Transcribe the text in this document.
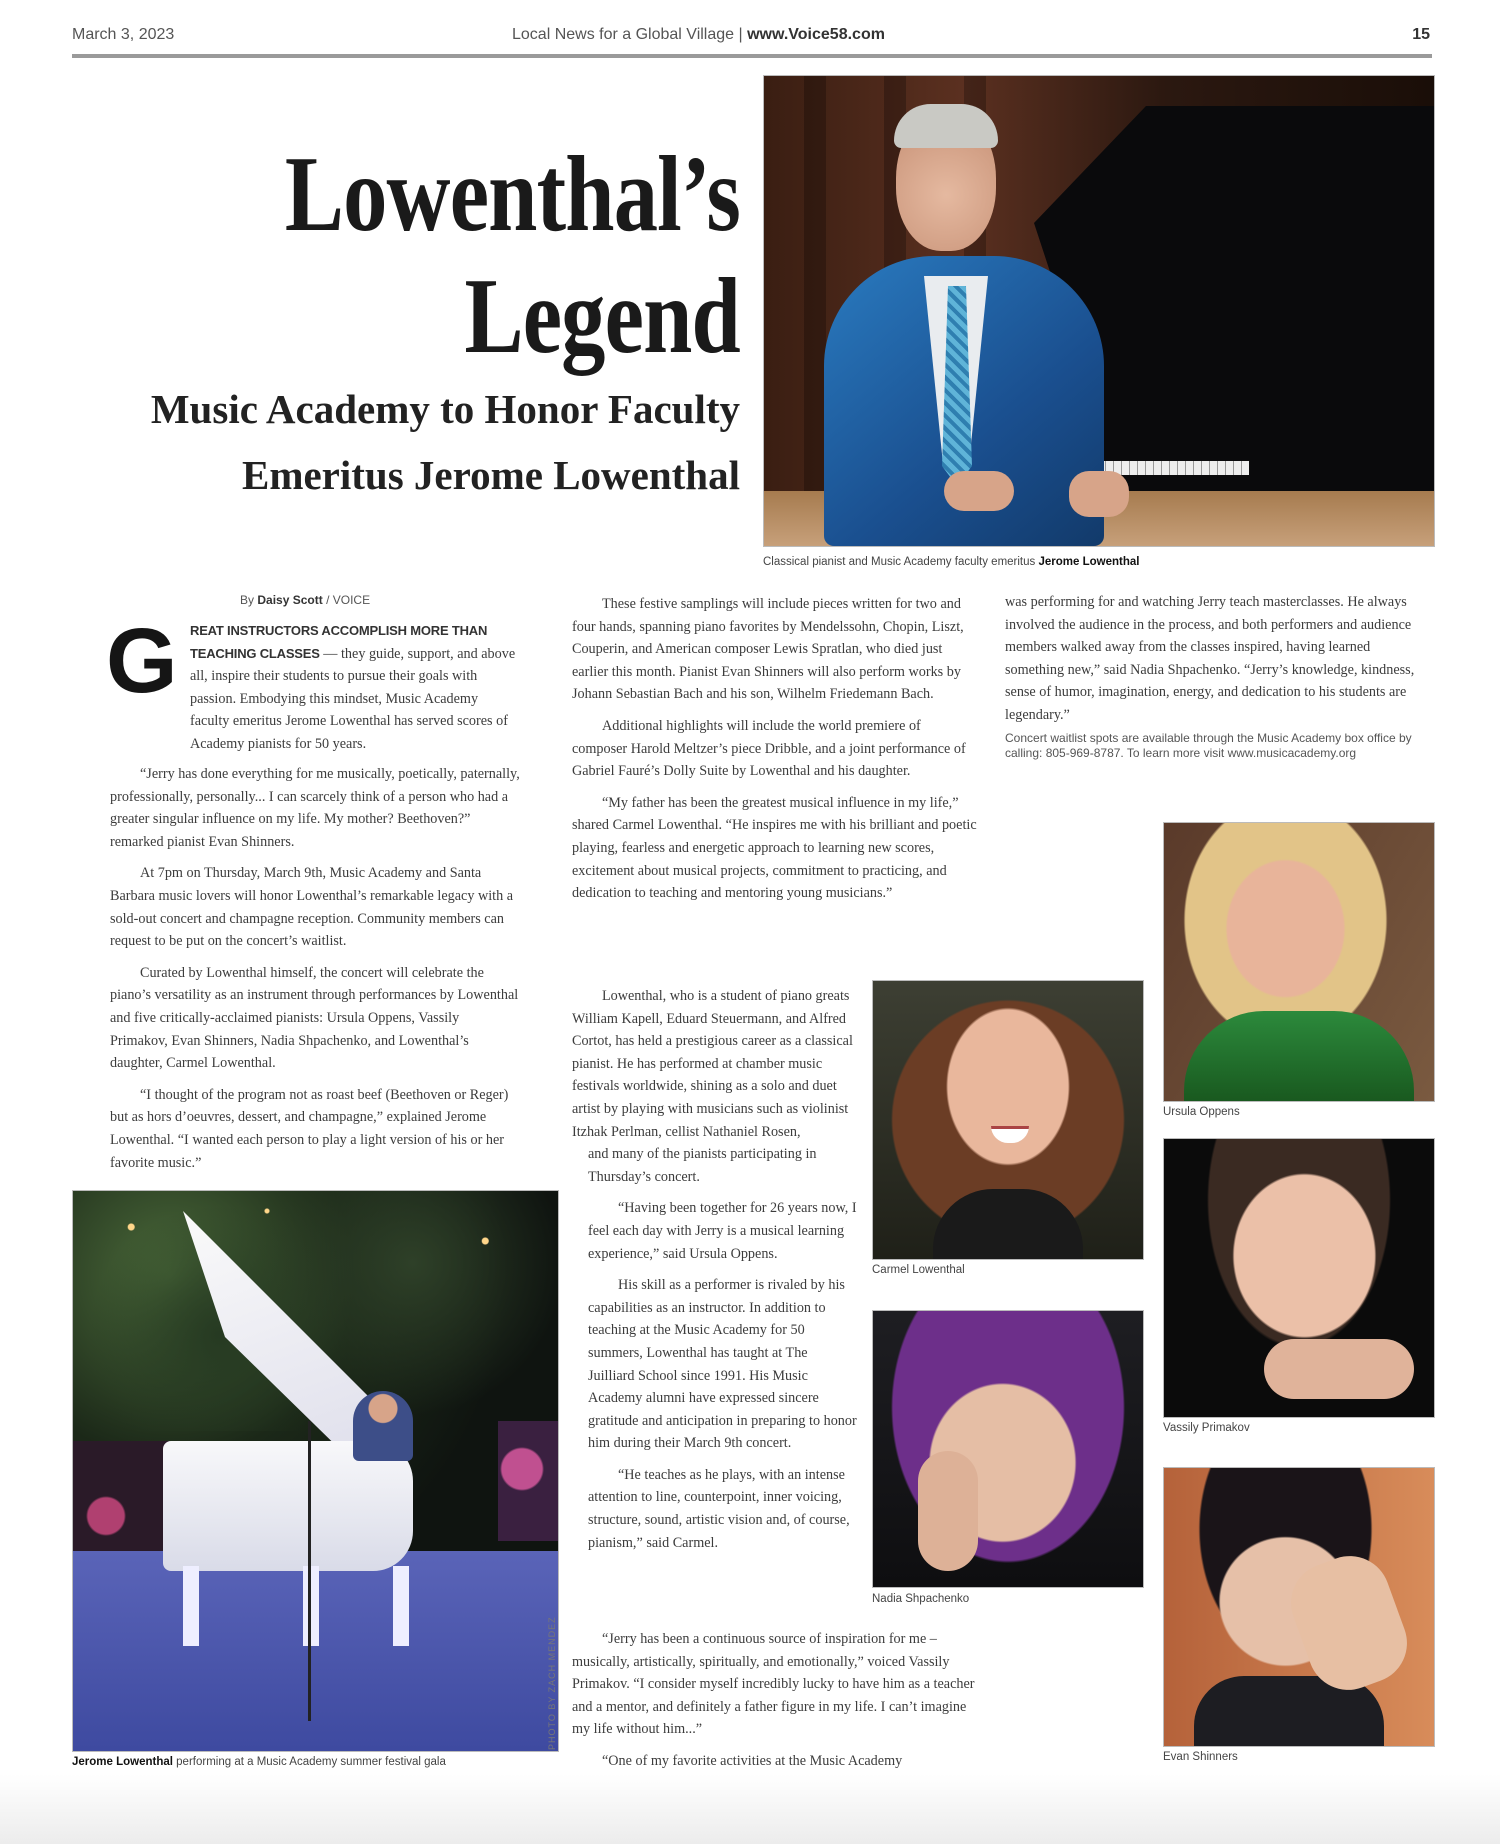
March 3, 2023	Local News for a Global Village | www.Voice58.com	15
Lowenthal’s
Legend
Music Academy to Honor Faculty
Emeritus Jerome Lowenthal
Classical pianist and Music Academy faculty emeritus Jerome Lowenthal
By Daisy Scott / VOICE
G REAT INSTRUCTORS ACCOMPLISH MORE THAN TEACHING CLASSES — they guide, support, and above all, inspire their students to pursue their goals with passion. Embodying this mindset, Music Academy faculty emeritus Jerome Lowenthal has served scores of Academy pianists for 50 years.

“Jerry has done everything for me musically, poetically, paternally, professionally, personally... I can scarcely think of a person who had a greater singular influence on my life. My mother? Beethoven?” remarked pianist Evan Shinners.

At 7pm on Thursday, March 9th, Music Academy and Santa Barbara music lovers will honor Lowenthal’s remarkable legacy with a sold-out concert and champagne reception. Community members can request to be put on the concert’s waitlist.

Curated by Lowenthal himself, the concert will celebrate the piano’s versatility as an instrument through performances by Lowenthal and five critically-acclaimed pianists: Ursula Oppens, Vassily Primakov, Evan Shinners, Nadia Shpachenko, and Lowenthal’s daughter, Carmel Lowenthal.

“I thought of the program not as roast beef (Beethoven or Reger) but as hors d’oeuvres, dessert, and champagne,” explained Jerome Lowenthal. “I wanted each person to play a light version of his or her favorite music.”

PHOTO BY ZACH MENDEZ
Jerome Lowenthal performing at a Music Academy summer festival gala

These festive samplings will include pieces written for two and four hands, spanning piano favorites by Mendelssohn, Chopin, Liszt, Couperin, and American composer Lewis Spratlan, who died just earlier this month. Pianist Evan Shinners will also perform works by Johann Sebastian Bach and his son, Wilhelm Friedemann Bach.

Additional highlights will include the world premiere of composer Harold Meltzer’s piece Dribble, and a joint performance of Gabriel Fauré’s Dolly Suite by Lowenthal and his daughter.

“My father has been the greatest musical influence in my life,” shared Carmel Lowenthal. “He inspires me with his brilliant and poetic playing, fearless and energetic approach to learning new scores, excitement about musical projects, commitment to practicing, and dedication to teaching and mentoring young musicians.”

Lowenthal, who is a student of piano greats William Kapell, Eduard Steuermann, and Alfred Cortot, has held a prestigious career as a classical pianist. He has performed at chamber music festivals worldwide, shining as a solo and duet artist by playing with musicians such as violinist Itzhak Perlman, cellist Nathaniel Rosen,

and many of the pianists participating in Thursday’s concert.

“Having been together for 26 years now, I feel each day with Jerry is a musical learning experience,” said Ursula Oppens.

His skill as a performer is rivaled by his capabilities as an instructor. In addition to teaching at the Music Academy for 50 summers, Lowenthal has taught at The Juilliard School since 1991. His Music Academy alumni have expressed sincere gratitude and anticipation in preparing to honor him during their March 9th concert.

“He teaches as he plays, with an intense attention to line, counterpoint, inner voicing, structure, sound, artistic vision and, of course, pianism,” said Carmel.

“Jerry has been a continuous source of inspiration for me – musically, artistically, spiritually, and emotionally,” voiced Vassily Primakov. “I consider myself incredibly lucky to have him as a teacher and a mentor, and definitely a father figure in my life. I can’t imagine my life without him...”

“One of my favorite activities at the Music Academy

was performing for and watching Jerry teach masterclasses. He always involved the audience in the process, and both performers and audience members walked away from the classes inspired, having learned something new,” said Nadia Shpachenko. “Jerry’s knowledge, kindness, sense of humor, imagination, energy, and dedication to his students are legendary.”

Concert waitlist spots are available through the Music Academy box office by calling: 805-969-8787. To learn more visit www.musicacademy.org
Ursula Oppens
Carmel Lowenthal
Vassily Primakov
Nadia Shpachenko
Evan Shinners
